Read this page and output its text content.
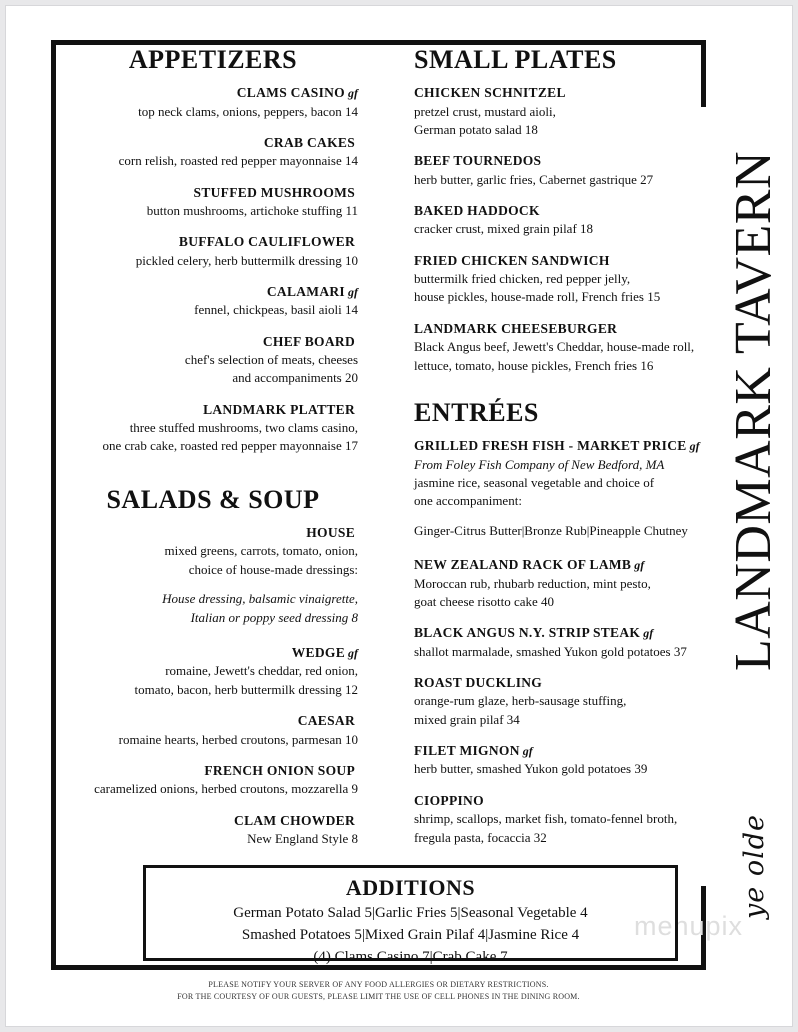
LANDMARK TAVERN
ye olde
menupix
APPETIZERS
CLAMS CASINO gf
top neck clams, onions, peppers, bacon 14
CRAB CAKES
corn relish, roasted red pepper mayonnaise 14
STUFFED MUSHROOMS
button mushrooms, artichoke stuffing 11
BUFFALO CAULIFLOWER
pickled celery, herb buttermilk dressing 10
CALAMARI gf
fennel, chickpeas, basil aioli 14
CHEF BOARD
chef's selection of meats, cheeses
and accompaniments 20
LANDMARK PLATTER
three stuffed mushrooms, two clams casino,
one crab cake, roasted red pepper mayonnaise 17
SALADS & SOUP
HOUSE
mixed greens, carrots, tomato, onion,
choice of house-made dressings:
House dressing, balsamic vinaigrette,
Italian or poppy seed dressing 8
WEDGE gf
romaine, Jewett's cheddar, red onion,
tomato, bacon, herb buttermilk dressing 12
CAESAR
romaine hearts, herbed croutons, parmesan 10
FRENCH ONION SOUP
caramelized onions, herbed croutons, mozzarella 9
CLAM CHOWDER
New England Style 8
SMALL PLATES
CHICKEN SCHNITZEL
pretzel crust, mustard aioli,
German potato salad 18
BEEF TOURNEDOS
herb butter, garlic fries, Cabernet gastrique 27
BAKED HADDOCK
cracker crust, mixed grain pilaf 18
FRIED CHICKEN SANDWICH
buttermilk fried chicken, red pepper jelly,
house pickles, house-made roll, French fries 15
LANDMARK CHEESEBURGER
Black Angus beef, Jewett's Cheddar, house-made roll,
lettuce, tomato, house pickles, French fries 16
ENTRÉES
GRILLED FRESH FISH - MARKET PRICE gf
From Foley Fish Company of New Bedford, MA
jasmine rice, seasonal vegetable and choice of
one accompaniment:
Ginger-Citrus Butter|Bronze Rub|Pineapple Chutney
NEW ZEALAND RACK OF LAMB gf
Moroccan rub, rhubarb reduction, mint pesto,
goat cheese risotto cake 40
BLACK ANGUS N.Y. STRIP STEAK gf
shallot marmalade, smashed Yukon gold potatoes 37
ROAST DUCKLING
orange-rum glaze, herb-sausage stuffing,
mixed grain pilaf 34
FILET MIGNON gf
herb butter, smashed Yukon gold potatoes 39
CIOPPINO
shrimp, scallops, market fish, tomato-fennel broth,
fregula pasta, focaccia 32
ADDITIONS
German Potato Salad 5|Garlic Fries 5|Seasonal Vegetable 4
Smashed Potatoes 5|Mixed Grain Pilaf 4|Jasmine Rice 4
(4) Clams Casino 7|Crab Cake 7
PLEASE NOTIFY YOUR SERVER OF ANY FOOD ALLERGIES OR DIETARY RESTRICTIONS.
FOR THE COURTESY OF OUR GUESTS, PLEASE LIMIT THE USE OF CELL PHONES IN THE DINING ROOM.
